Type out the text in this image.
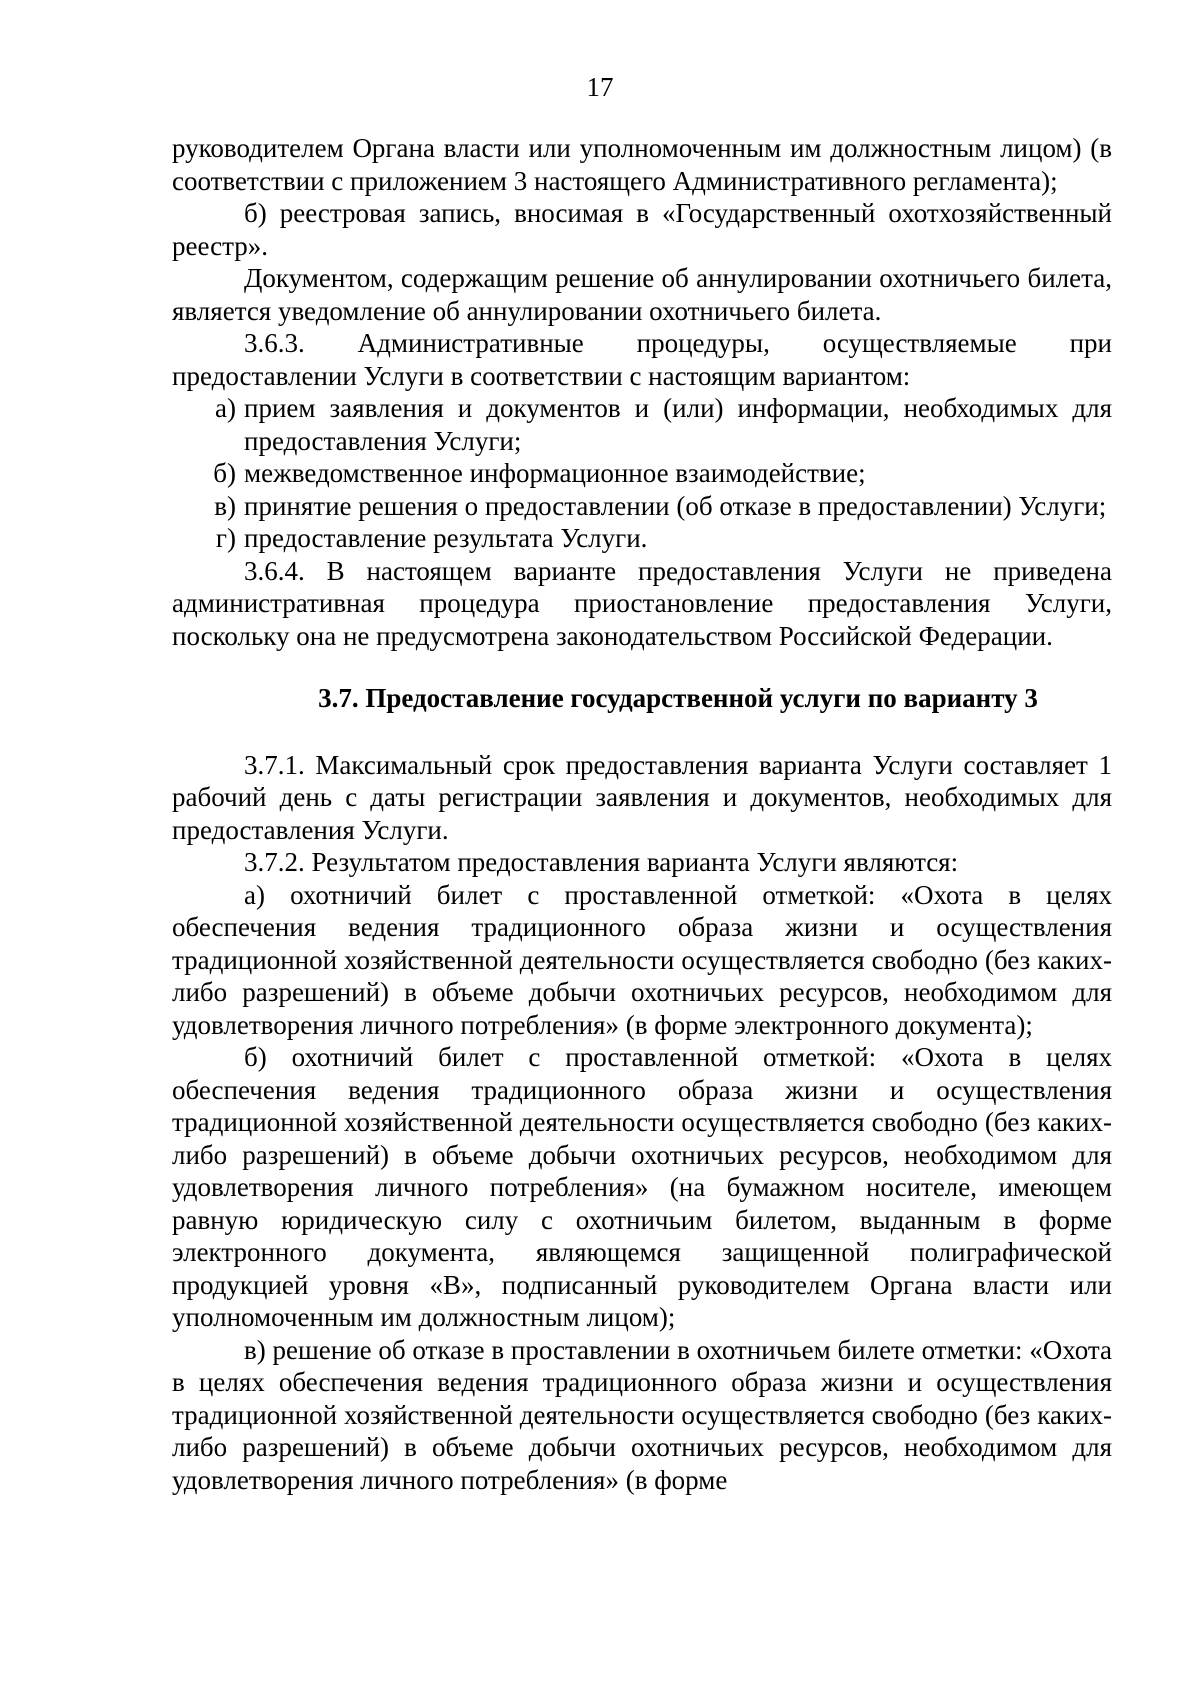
17

руководителем Органа власти или уполномоченным им должностным лицом) (в соответствии с приложением 3 настоящего Административного регламента);

б) реестровая запись, вносимая в «Государственный охотхозяйственный реестр».

Документом, содержащим решение об аннулировании охотничьего билета, является уведомление об аннулировании охотничьего билета.

3.6.3. Административные процедуры, осуществляемые при предоставлении Услуги в соответствии с настоящим вариантом:

а) прием заявления и документов и (или) информации, необходимых для предоставления Услуги;
б) межведомственное информационное взаимодействие;
в) принятие решения о предоставлении (об отказе в предоставлении) Услуги;
г) предоставление результата Услуги.

3.6.4. В настоящем варианте предоставления Услуги не приведена административная процедура приостановление предоставления Услуги, поскольку она не предусмотрена законодательством Российской Федерации.

3.7. Предоставление государственной услуги по варианту 3

3.7.1. Максимальный срок предоставления варианта Услуги составляет 1 рабочий день с даты регистрации заявления и документов, необходимых для предоставления Услуги.

3.7.2. Результатом предоставления варианта Услуги являются:

а) охотничий билет с проставленной отметкой: «Охота в целях обеспечения ведения традиционного образа жизни и осуществления традиционной хозяйственной деятельности осуществляется свободно (без каких-либо разрешений) в объеме добычи охотничьих ресурсов, необходимом для удовлетворения личного потребления» (в форме электронного документа);

б) охотничий билет с проставленной отметкой: «Охота в целях обеспечения ведения традиционного образа жизни и осуществления традиционной хозяйственной деятельности осуществляется свободно (без каких-либо разрешений) в объеме добычи охотничьих ресурсов, необходимом для удовлетворения личного потребления» (на бумажном носителе, имеющем равную юридическую силу с охотничьим билетом, выданным в форме электронного документа, являющемся защищенной полиграфической продукцией уровня «В», подписанный руководителем Органа власти или уполномоченным им должностным лицом);

в) решение об отказе в проставлении в охотничьем билете отметки: «Охота в целях обеспечения ведения традиционного образа жизни и осуществления традиционной хозяйственной деятельности осуществляется свободно (без каких-либо разрешений) в объеме добычи охотничьих ресурсов, необходимом для удовлетворения личного потребления» (в форме
